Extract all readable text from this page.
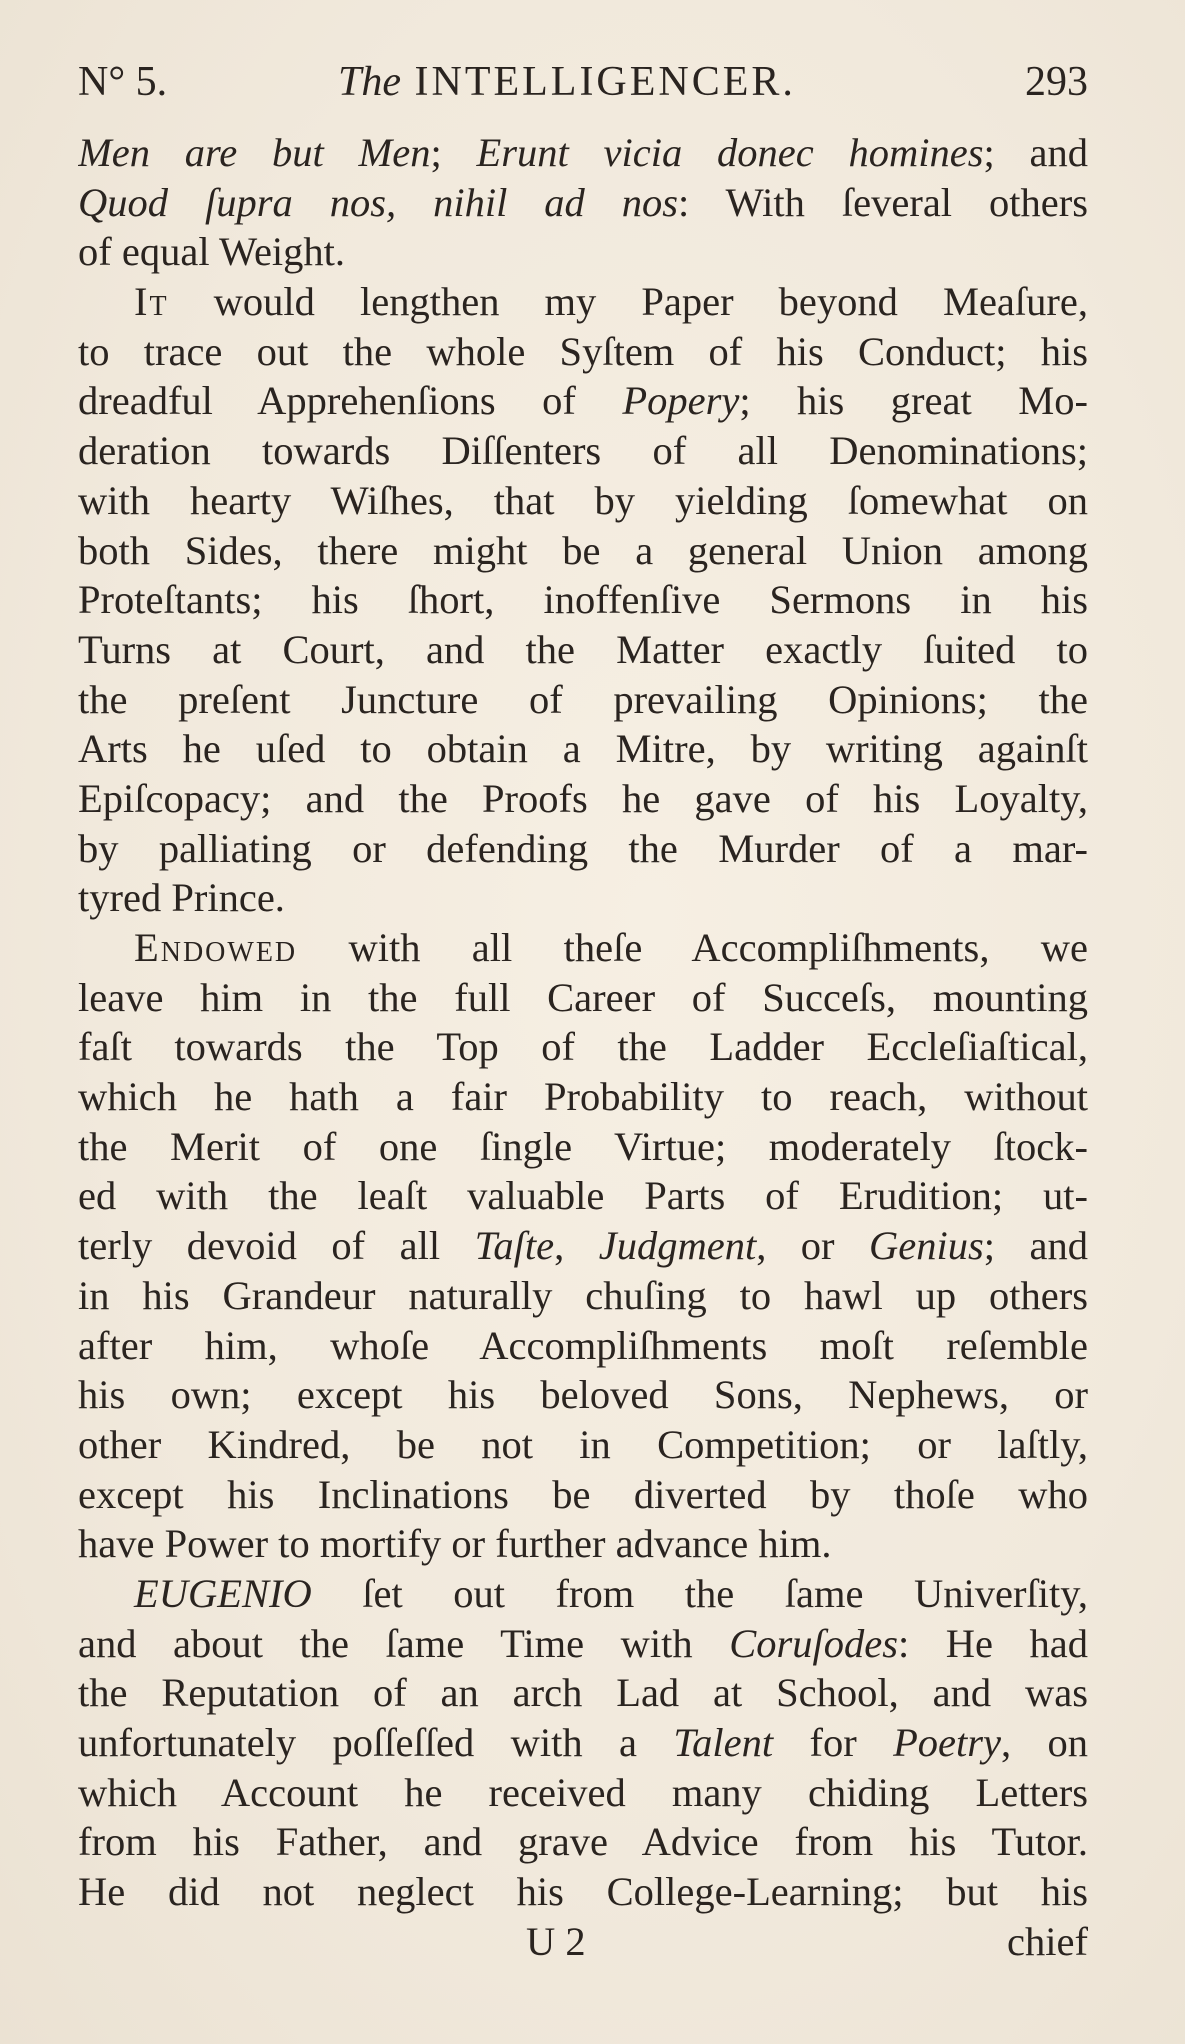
N° 5.	The INTELLIGENCER.	293
Men are but Men; Erunt vicia donec homines; and
Quod ſupra nos, nihil ad nos: With ſeveral others
of equal Weight.
It would lengthen my Paper beyond Meaſure,
to trace out the whole Syſtem of his Conduct; his
dreadful Apprehenſions of Popery; his great Mo-
deration towards Diſſenters of all Denominations;
with hearty Wiſhes, that by yielding ſomewhat on
both Sides, there might be a general Union among
Proteſtants; his ſhort, inoffenſive Sermons in his
Turns at Court, and the Matter exactly ſuited to
the preſent Juncture of prevailing Opinions; the
Arts he uſed to obtain a Mitre, by writing againſt
Epiſcopacy; and the Proofs he gave of his Loyalty,
by palliating or defending the Murder of a mar-
tyred Prince.
Endowed with all theſe Accompliſhments, we
leave him in the full Career of Succeſs, mounting
faſt towards the Top of the Ladder Eccleſiaſtical,
which he hath a fair Probability to reach, without
the Merit of one ſingle Virtue; moderately ſtock-
ed with the leaſt valuable Parts of Erudition; ut-
terly devoid of all Taſte, Judgment, or Genius; and
in his Grandeur naturally chuſing to hawl up others
after him, whoſe Accompliſhments moſt reſemble
his own; except his beloved Sons, Nephews, or
other Kindred, be not in Competition; or laſtly,
except his Inclinations be diverted by thoſe who
have Power to mortify or further advance him.
EUGENIO ſet out from the ſame Univerſity,
and about the ſame Time with Coruſodes: He had
the Reputation of an arch Lad at School, and was
unfortunately poſſeſſed with a Talent for Poetry, on
which Account he received many chiding Letters
from his Father, and grave Advice from his Tutor.
He did not neglect his College-Learning; but his
U 2	chief
